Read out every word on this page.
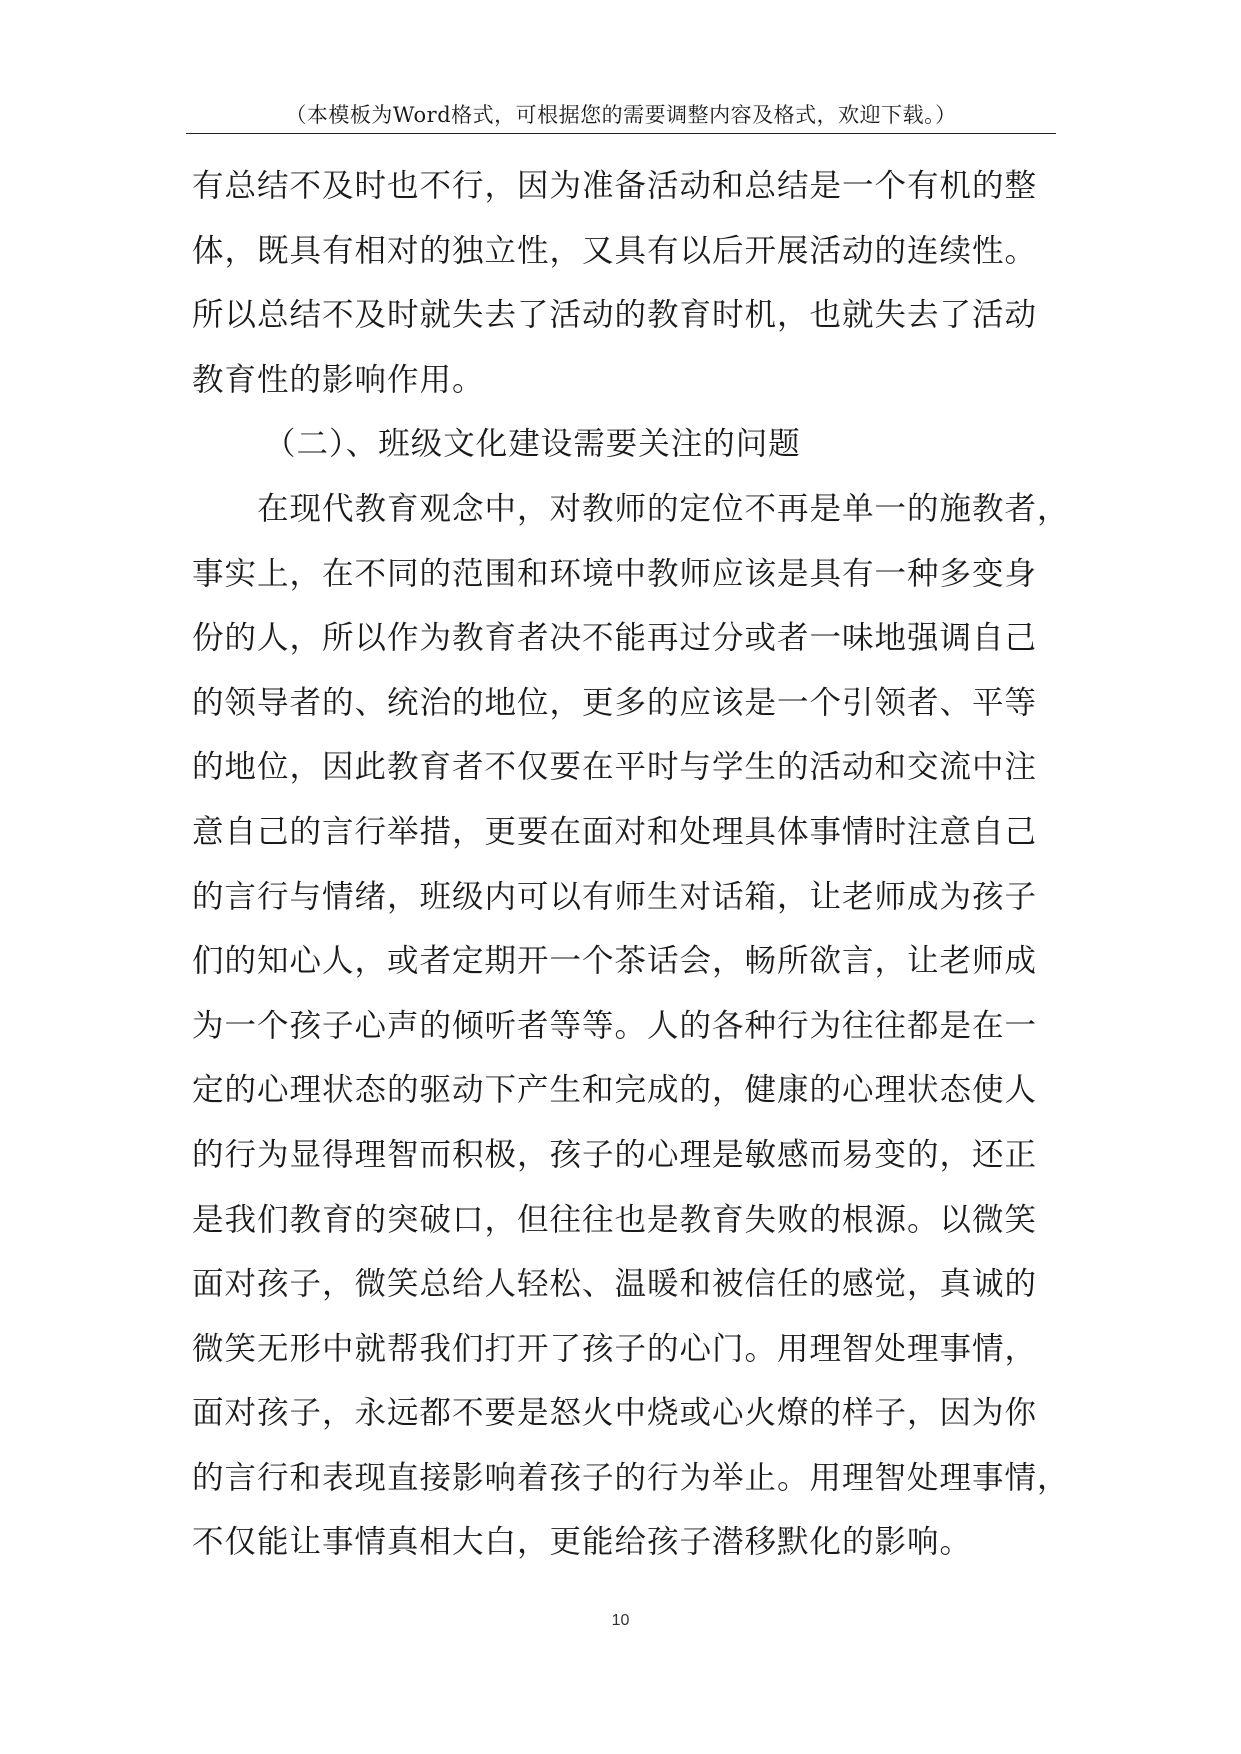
（本模板为Word格式，可根据您的需要调整内容及格式，欢迎下载。）
有总结不及时也不行，因为准备活动和总结是一个有机的整
体，既具有相对的独立性，又具有以后开展活动的连续性。
所以总结不及时就失去了活动的教育时机，也就失去了活动
教育性的影响作用。
（二）、班级文化建设需要关注的问题
在现代教育观念中，对教师的定位不再是单一的施教者，
事实上，在不同的范围和环境中教师应该是具有一种多变身
份的人，所以作为教育者决不能再过分或者一味地强调自己
的领导者的、统治的地位，更多的应该是一个引领者、平等
的地位，因此教育者不仅要在平时与学生的活动和交流中注
意自己的言行举措，更要在面对和处理具体事情时注意自己
的言行与情绪，班级内可以有师生对话箱，让老师成为孩子
们的知心人，或者定期开一个茶话会，畅所欲言，让老师成
为一个孩子心声的倾听者等等。人的各种行为往往都是在一
定的心理状态的驱动下产生和完成的，健康的心理状态使人
的行为显得理智而积极，孩子的心理是敏感而易变的，还正
是我们教育的突破口，但往往也是教育失败的根源。以微笑
面对孩子，微笑总给人轻松、温暖和被信任的感觉，真诚的
微笑无形中就帮我们打开了孩子的心门。用理智处理事情，
面对孩子，永远都不要是怒火中烧或心火燎的样子，因为你
的言行和表现直接影响着孩子的行为举止。用理智处理事情，
不仅能让事情真相大白，更能给孩子潜移默化的影响。
10
